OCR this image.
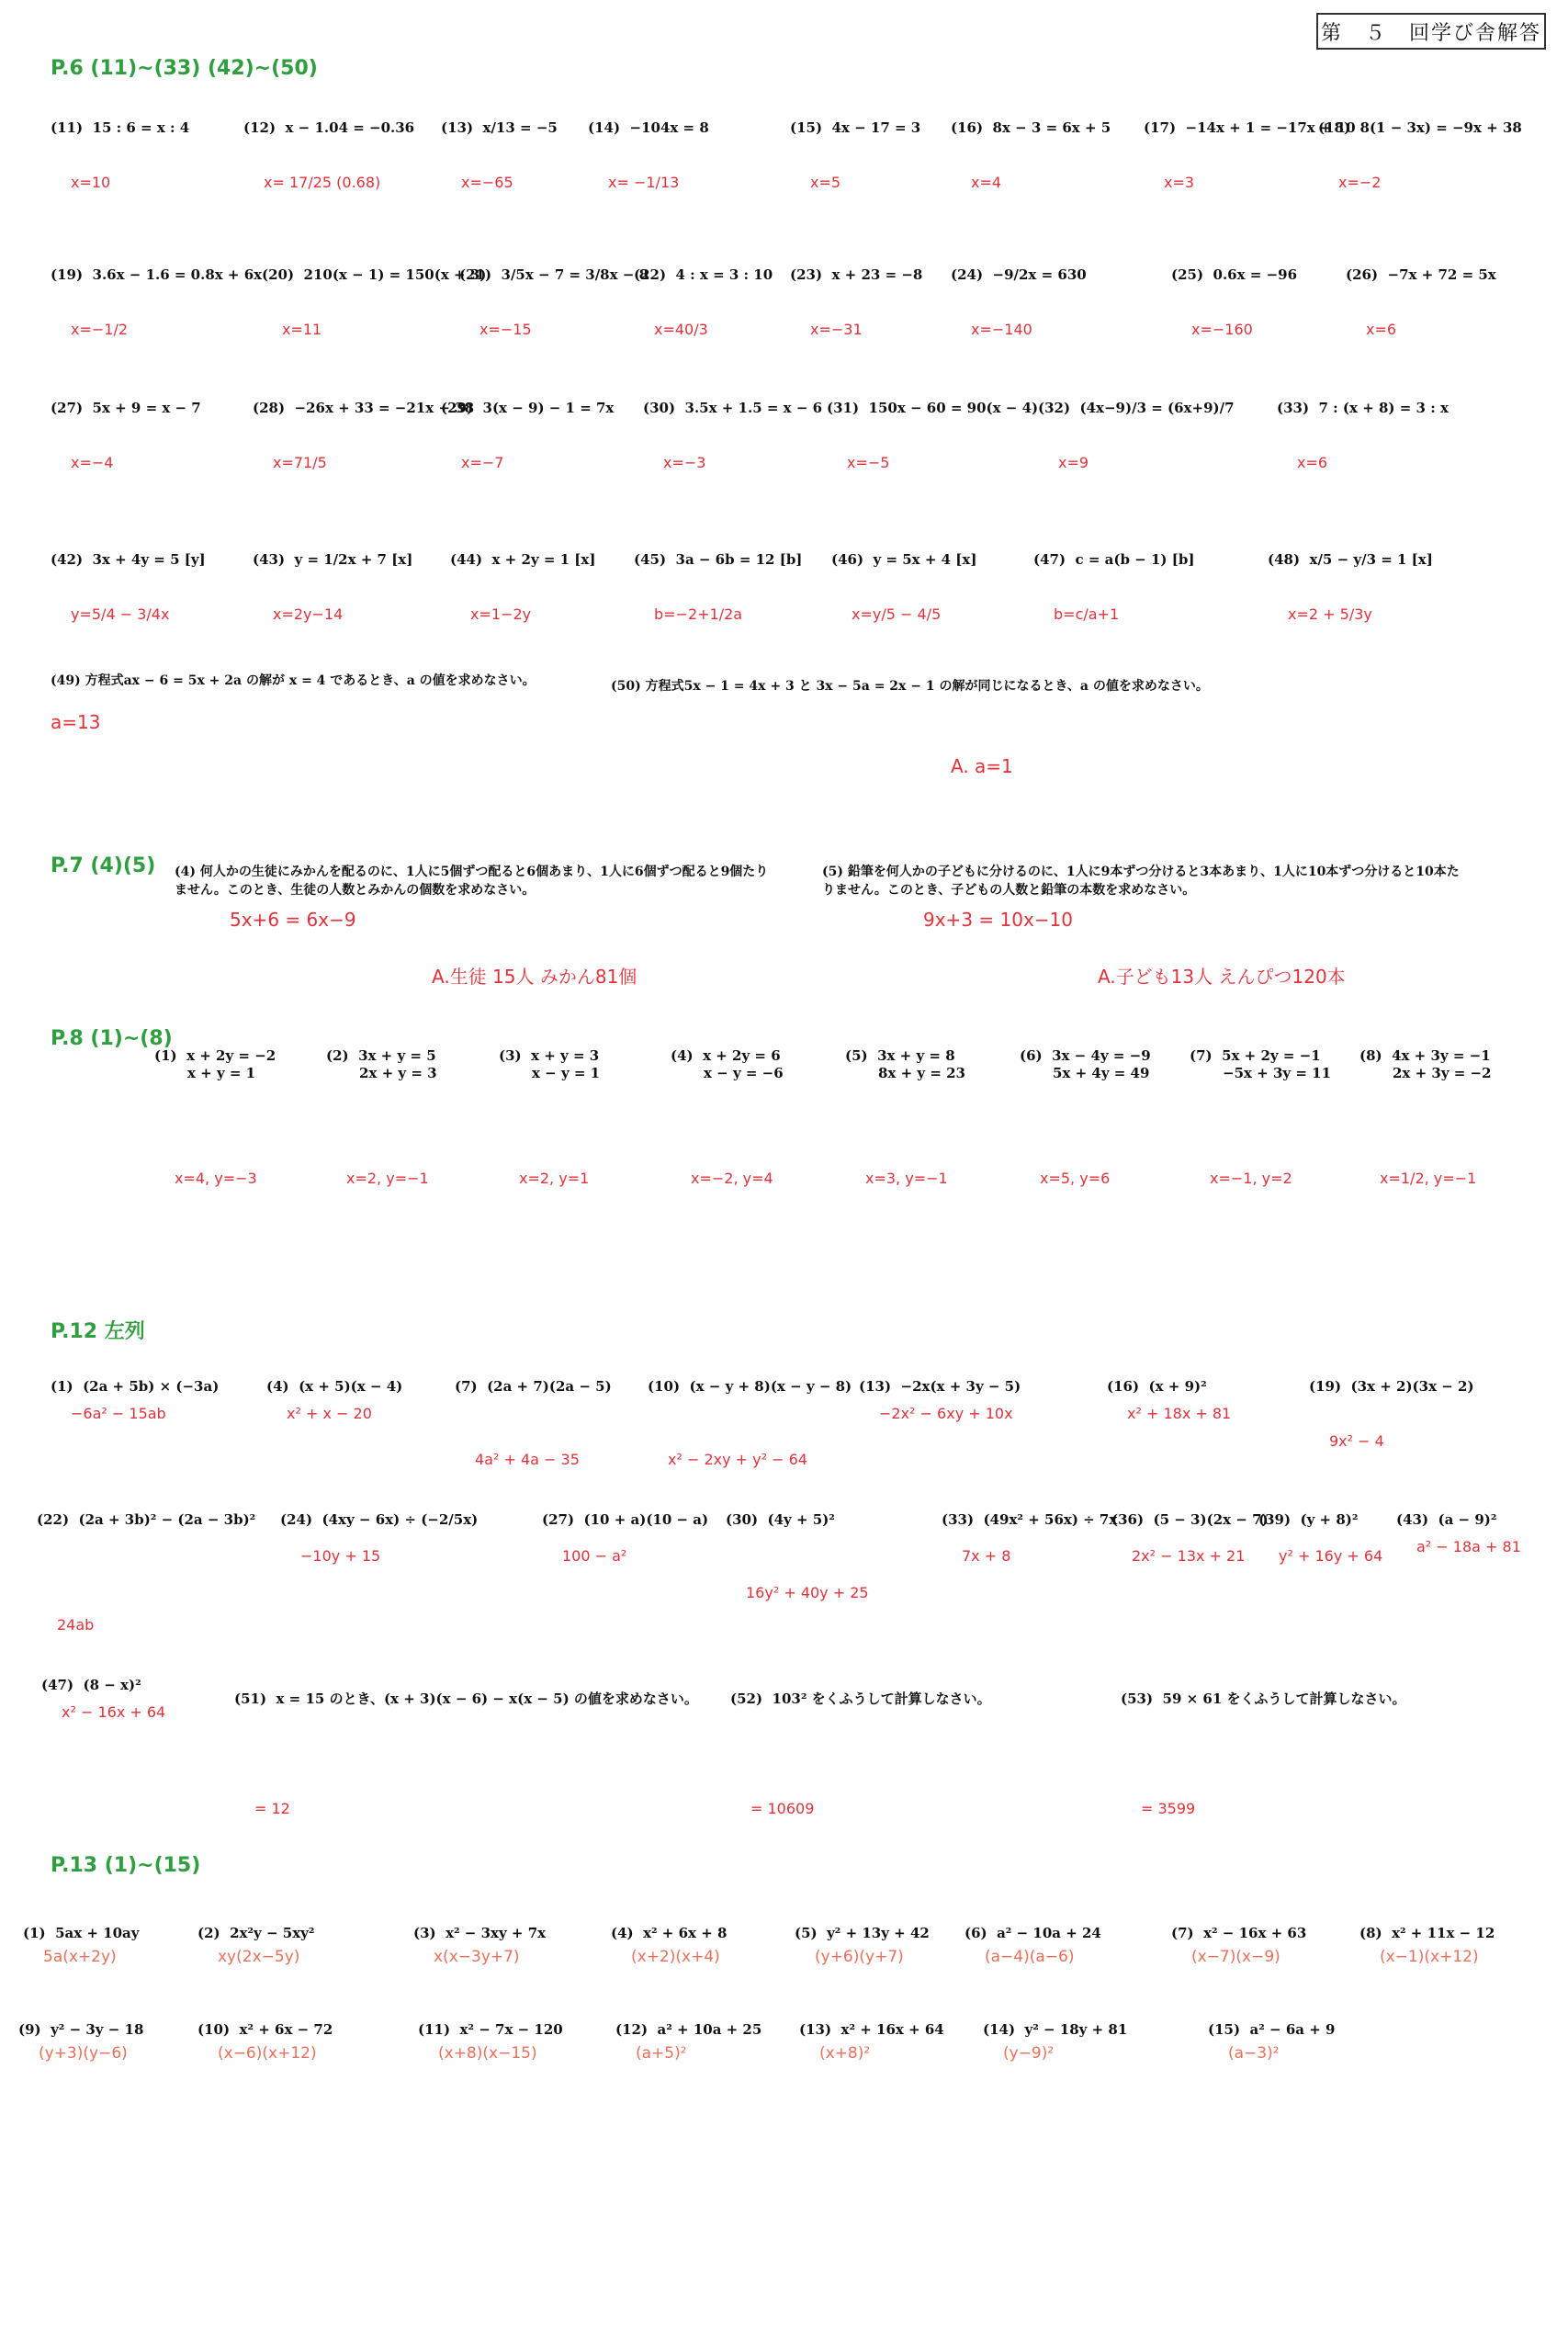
第　５　回学び舎解答
P.6 (11)~(33) (42)~(50)
P.7 (4)(5)
P.8 (1)~(8)
P.12 左列
P.13 (1)~(15)
(11)  15 : 6 = x : 4
x=10
(12)  x − 1.04 = −0.36
x= 17/25 (0.68)
(13)  x/13 = −5
x=−65
(14)  −104x = 8
x= −1/13
(15)  4x − 17 = 3
x=5
(16)  8x − 3 = 6x + 5
x=4
(17)  −14x + 1 = −17x + 10
x=3
(18)  8(1 − 3x) = −9x + 38
x=−2
(19)  3.6x − 1.6 = 0.8x + 6x
x=−1/2
(20)  210(x − 1) = 150(x + 3)
x=11
(21)  3/5x − 7 = 3/8x − 8
x=−15
(22)  4 : x = 3 : 10
x=40/3
(23)  x + 23 = −8
x=−31
(24)  −9/2x = 630
x=−140
(25)  0.6x = −96
x=−160
(26)  −7x + 72 = 5x
x=6
(27)  5x + 9 = x − 7
x=−4
(28)  −26x + 33 = −21x − 38
x=71/5
(29)  3(x − 9) − 1 = 7x
x=−7
(30)  3.5x + 1.5 = x − 6
x=−3
(31)  150x − 60 = 90(x − 4)
x=−5
(32)  (4x−9)/3 = (6x+9)/7
x=9
(33)  7 : (x + 8) = 3 : x
x=6
(42)  3x + 4y = 5 [y]
y=5/4 − 3/4x
(43)  y = 1/2x + 7 [x]
x=2y−14
(44)  x + 2y = 1 [x]
x=1−2y
(45)  3a − 6b = 12 [b]
b=−2+1/2a
(46)  y = 5x + 4 [x]
x=y/5 − 4/5
(47)  c = a(b − 1) [b]
b=c/a+1
(48)  x/5 − y/3 = 1 [x]
x=2 + 5/3y
(49) 方程式ax − 6 = 5x + 2a の解が x = 4 であるとき、a の値を求めなさい。
a=13
(50) 方程式5x − 1 = 4x + 3 と 3x − 5a = 2x − 1 の解が同じになるとき、a の値を求めなさい。
A. a=1
(4) 何人かの生徒にみかんを配るのに、1人に5個ずつ配ると6個あまり、1人に6個ずつ配ると9個たりません。このとき、生徒の人数とみかんの個数を求めなさい。
5x+6 = 6x−9
A.生徒 15人 みかん81個
(5) 鉛筆を何人かの子どもに分けるのに、1人に9本ずつ分けると3本あまり、1人に10本ずつ分けると10本たりません。このとき、子どもの人数と鉛筆の本数を求めなさい。
9x+3 = 10x−10
A.子ども13人 えんぴつ120本
(1)  x + 2y = −2
x + y = 1
x=4, y=−3
(2)  3x + y = 5
2x + y = 3
x=2, y=−1
(3)  x + y = 3
x − y = 1
x=2, y=1
(4)  x + 2y = 6
x − y = −6
x=−2, y=4
(5)  3x + y = 8
8x + y = 23
x=3, y=−1
(6)  3x − 4y = −9
5x + 4y = 49
x=5, y=6
(7)  5x + 2y = −1
−5x + 3y = 11
x=−1, y=2
(8)  4x + 3y = −1
2x + 3y = −2
x=1/2, y=−1
(1)  (2a + 5b) × (−3a)
−6a² − 15ab
(4)  (x + 5)(x − 4)
x² + x − 20
(7)  (2a + 7)(2a − 5)
4a² + 4a − 35
(10)  (x − y + 8)(x − y − 8)
x² − 2xy + y² − 64
(13)  −2x(x + 3y − 5)
−2x² − 6xy + 10x
(16)  (x + 9)²
x² + 18x + 81
(19)  (3x + 2)(3x − 2)
9x² − 4
(22)  (2a + 3b)² − (2a − 3b)²
24ab
(24)  (4xy − 6x) ÷ (−2/5x)
−10y + 15
(27)  (10 + a)(10 − a)
100 − a²
(30)  (4y + 5)²
16y² + 40y + 25
(33)  (49x² + 56x) ÷ 7x
7x + 8
(36)  (5 − 3)(2x − 7)
2x² − 13x + 21
(39)  (y + 8)²
y² + 16y + 64
(43)  (a − 9)²
a² − 18a + 81
(47)  (8 − x)²
x² − 16x + 64
(51)  x = 15 のとき、(x + 3)(x − 6) − x(x − 5) の値を求めなさい。
= 12
(52)  103² をくふうして計算しなさい。
= 10609
(53)  59 × 61 をくふうして計算しなさい。
= 3599
(1)  5ax + 10ay
5a(x+2y)
(2)  2x²y − 5xy²
xy(2x−5y)
(3)  x² − 3xy + 7x
x(x−3y+7)
(4)  x² + 6x + 8
(x+2)(x+4)
(5)  y² + 13y + 42
(y+6)(y+7)
(6)  a² − 10a + 24
(a−4)(a−6)
(7)  x² − 16x + 63
(x−7)(x−9)
(8)  x² + 11x − 12
(x−1)(x+12)
(9)  y² − 3y − 18
(y+3)(y−6)
(10)  x² + 6x − 72
(x−6)(x+12)
(11)  x² − 7x − 120
(x+8)(x−15)
(12)  a² + 10a + 25
(a+5)²
(13)  x² + 16x + 64
(x+8)²
(14)  y² − 18y + 81
(y−9)²
(15)  a² − 6a + 9
(a−3)²
